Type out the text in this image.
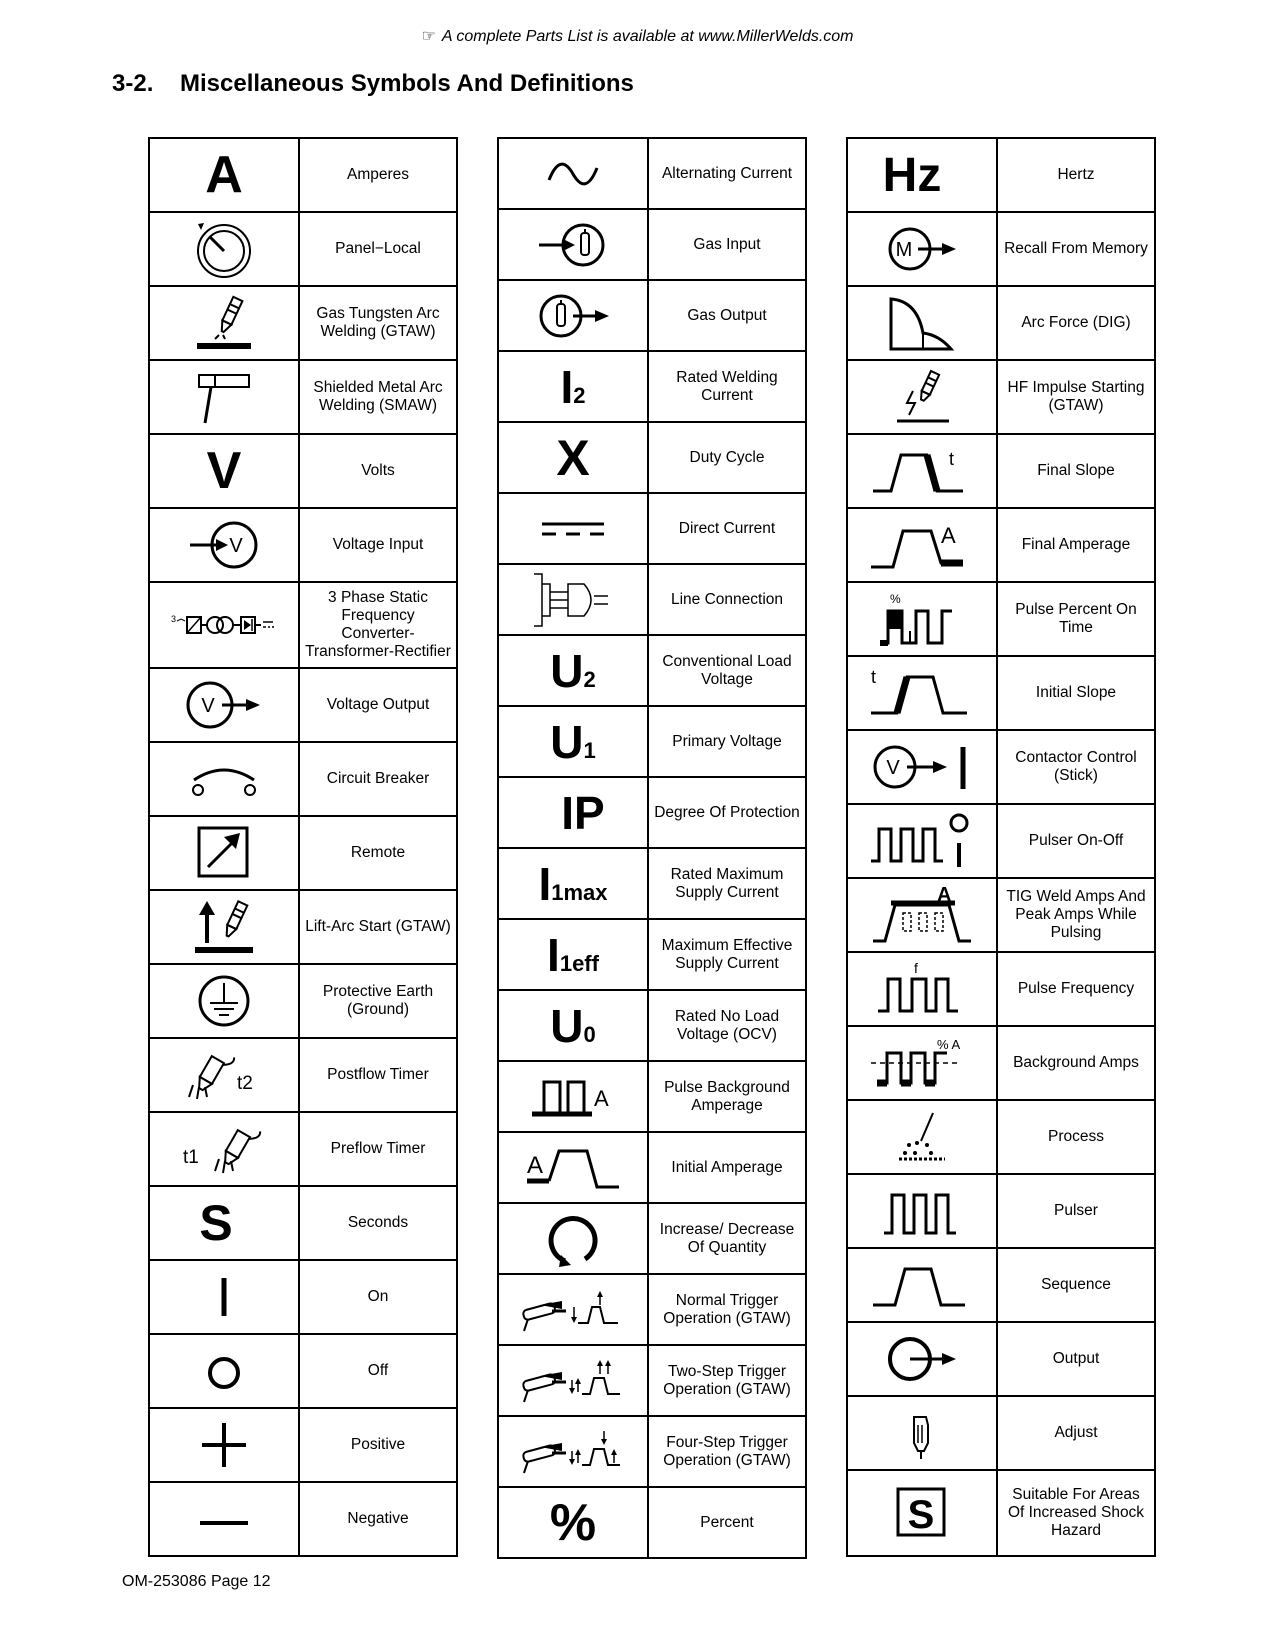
☞ A complete Parts List is available at www.MillerWelds.com
3-2. Miscellaneous Symbols And Definitions
A	Amperes

	Panel−Local

	Gas Tungsten Arc Welding (GTAW)

	Shielded Metal Arc Welding (SMAW)
V	Volts

V	Voltage Input

3	3 Phase Static Frequency Converter-Transformer-Rectifier

V	Voltage Output

	Circuit Breaker

	Remote

	Lift-Arc Start (GTAW)

	Protective Earth (Ground)

t2	Postflow Timer

t1	Preflow Timer
S	Seconds

	On

	Off

	Positive

	Negative
	Alternating Current

	Gas Input

	Gas Output
I2	Rated Welding Current
X	Duty Cycle

	Direct Current

	Line Connection
U2	Conventional Load Voltage
U1	Primary Voltage
IP	Degree Of Protection
I1max	Rated Maximum Supply Current
I1eff	Maximum Effective Supply Current
U0	Rated No Load Voltage (OCV)

A	Pulse Background Amperage

A	Initial Amperage

	Increase/ Decrease Of Quantity

	Normal Trigger Operation (GTAW)

	Two-Step Trigger Operation (GTAW)

	Four-Step Trigger Operation (GTAW)
%	Percent
Hz	Hertz

M	Recall From Memory

	Arc Force (DIG)

	HF Impulse Starting (GTAW)

t	Final Slope

A	Final Amperage

%	Pulse Percent On Time

t	Initial Slope

V	Contactor Control (Stick)

	Pulser On-Off

A	TIG Weld Amps And Peak Amps While Pulsing

f	Pulse Frequency

% A	Background Amps

	Process

	Pulser

	Sequence

	Output

	Adjust

S	Suitable For Areas Of Increased Shock Hazard
OM-253086 Page 12
